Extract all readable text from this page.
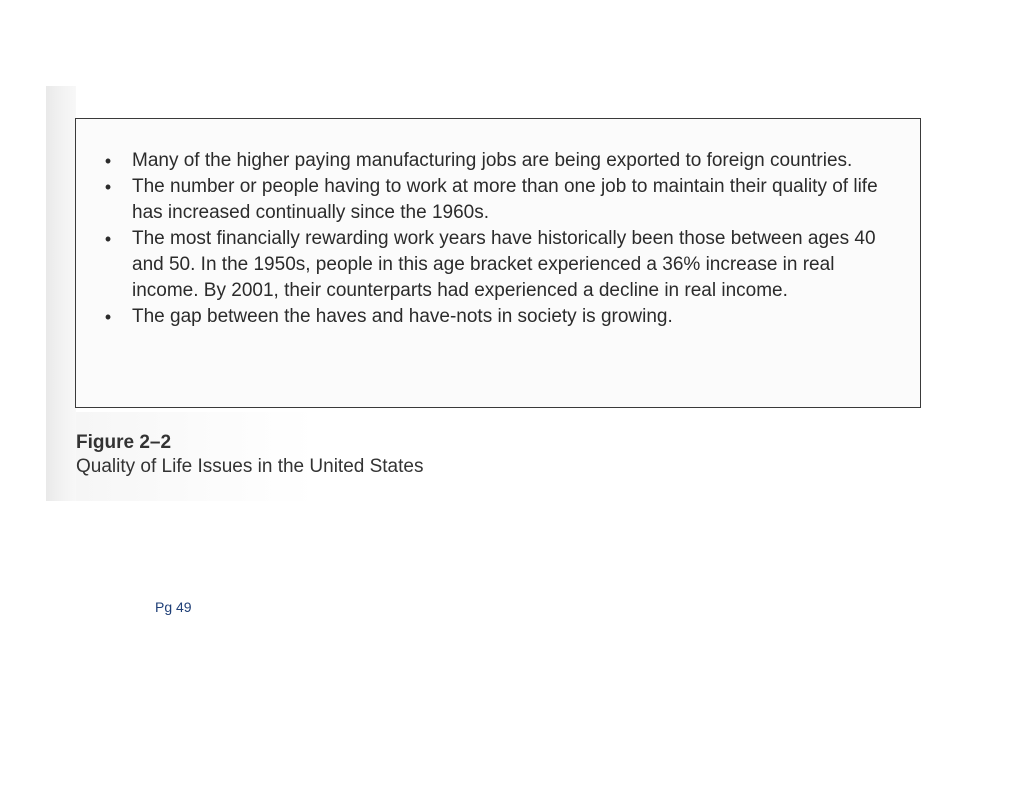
• Many of the higher paying manufacturing jobs are being exported to foreign countries.
• The number or people having to work at more than one job to maintain their quality of life has increased continually since the 1960s.
• The most financially rewarding work years have historically been those between ages 40 and 50. In the 1950s, people in this age bracket experienced a 36% increase in real income. By 2001, their counterparts had experienced a decline in real income.
• The gap between the haves and have-nots in society is growing.
Figure 2–2
Quality of Life Issues in the United States
Pg 49
